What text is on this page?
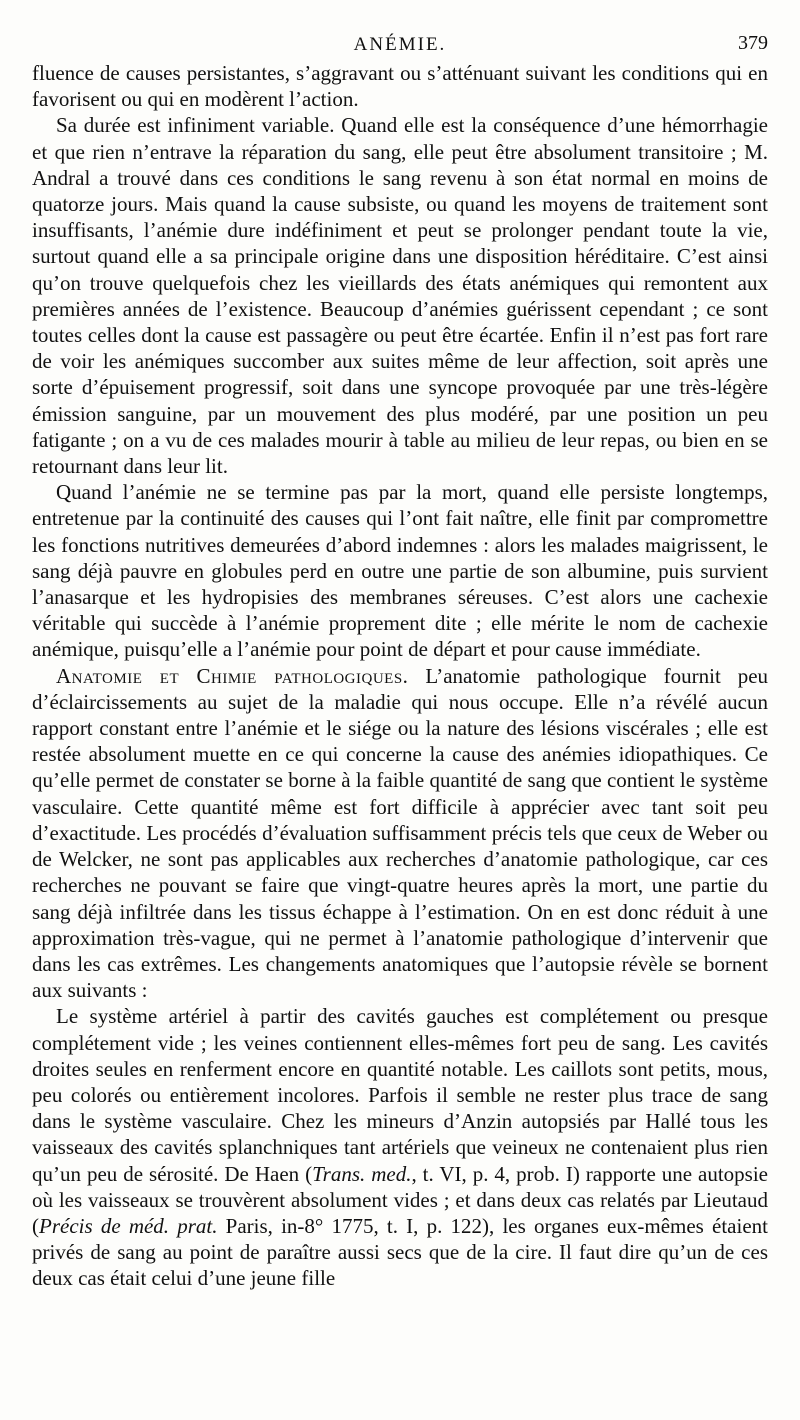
ANÉMIE.	379

fluence de causes persistantes, s’aggravant ou s’atténuant suivant les conditions qui en favorisent ou qui en modèrent l’action.

Sa durée est infiniment variable. Quand elle est la conséquence d’une hémorrhagie et que rien n’entrave la réparation du sang, elle peut être absolument transitoire ; M. Andral a trouvé dans ces conditions le sang revenu à son état normal en moins de quatorze jours. Mais quand la cause subsiste, ou quand les moyens de traitement sont insuffisants, l’anémie dure indéfiniment et peut se prolonger pendant toute la vie, surtout quand elle a sa principale origine dans une disposition héréditaire. C’est ainsi qu’on trouve quelquefois chez les vieillards des états anémiques qui remontent aux premières années de l’existence. Beaucoup d’anémies guérissent cependant ; ce sont toutes celles dont la cause est passagère ou peut être écartée. Enfin il n’est pas fort rare de voir les anémiques succomber aux suites même de leur affection, soit après une sorte d’épuisement progressif, soit dans une syncope provoquée par une très-légère émission sanguine, par un mouvement des plus modéré, par une position un peu fatigante ; on a vu de ces malades mourir à table au milieu de leur repas, ou bien en se retournant dans leur lit.

Quand l’anémie ne se termine pas par la mort, quand elle persiste longtemps, entretenue par la continuité des causes qui l’ont fait naître, elle finit par compromettre les fonctions nutritives demeurées d’abord indemnes : alors les malades maigrissent, le sang déjà pauvre en globules perd en outre une partie de son albumine, puis survient l’anasarque et les hydropisies des membranes séreuses. C’est alors une cachexie véritable qui succède à l’anémie proprement dite ; elle mérite le nom de cachexie anémique, puisqu’elle a l’anémie pour point de départ et pour cause immédiate.

Anatomie et Chimie pathologiques. L’anatomie pathologique fournit peu d’éclaircissements au sujet de la maladie qui nous occupe. Elle n’a révélé aucun rapport constant entre l’anémie et le siége ou la nature des lésions viscérales ; elle est restée absolument muette en ce qui concerne la cause des anémies idiopathiques. Ce qu’elle permet de constater se borne à la faible quantité de sang que contient le système vasculaire. Cette quantité même est fort difficile à apprécier avec tant soit peu d’exactitude. Les procédés d’évaluation suffisamment précis tels que ceux de Weber ou de Welcker, ne sont pas applicables aux recherches d’anatomie pathologique, car ces recherches ne pouvant se faire que vingt-quatre heures après la mort, une partie du sang déjà infiltrée dans les tissus échappe à l’estimation. On en est donc réduit à une approximation très-vague, qui ne permet à l’anatomie pathologique d’intervenir que dans les cas extrêmes. Les changements anatomiques que l’autopsie révèle se bornent aux suivants :

Le système artériel à partir des cavités gauches est complétement ou presque complétement vide ; les veines contiennent elles-mêmes fort peu de sang. Les cavités droites seules en renferment encore en quantité notable. Les caillots sont petits, mous, peu colorés ou entièrement incolores. Parfois il semble ne rester plus trace de sang dans le système vasculaire. Chez les mineurs d’Anzin autopsiés par Hallé tous les vaisseaux des cavités splanchniques tant artériels que veineux ne contenaient plus rien qu’un peu de sérosité. De Haen (Trans. med., t. VI, p. 4, prob. I) rapporte une autopsie où les vaisseaux se trouvèrent absolument vides ; et dans deux cas relatés par Lieutaud (Précis de méd. prat. Paris, in-8° 1775, t. I, p. 122), les organes eux-mêmes étaient privés de sang au point de paraître aussi secs que de la cire. Il faut dire qu’un de ces deux cas était celui d’une jeune fille
